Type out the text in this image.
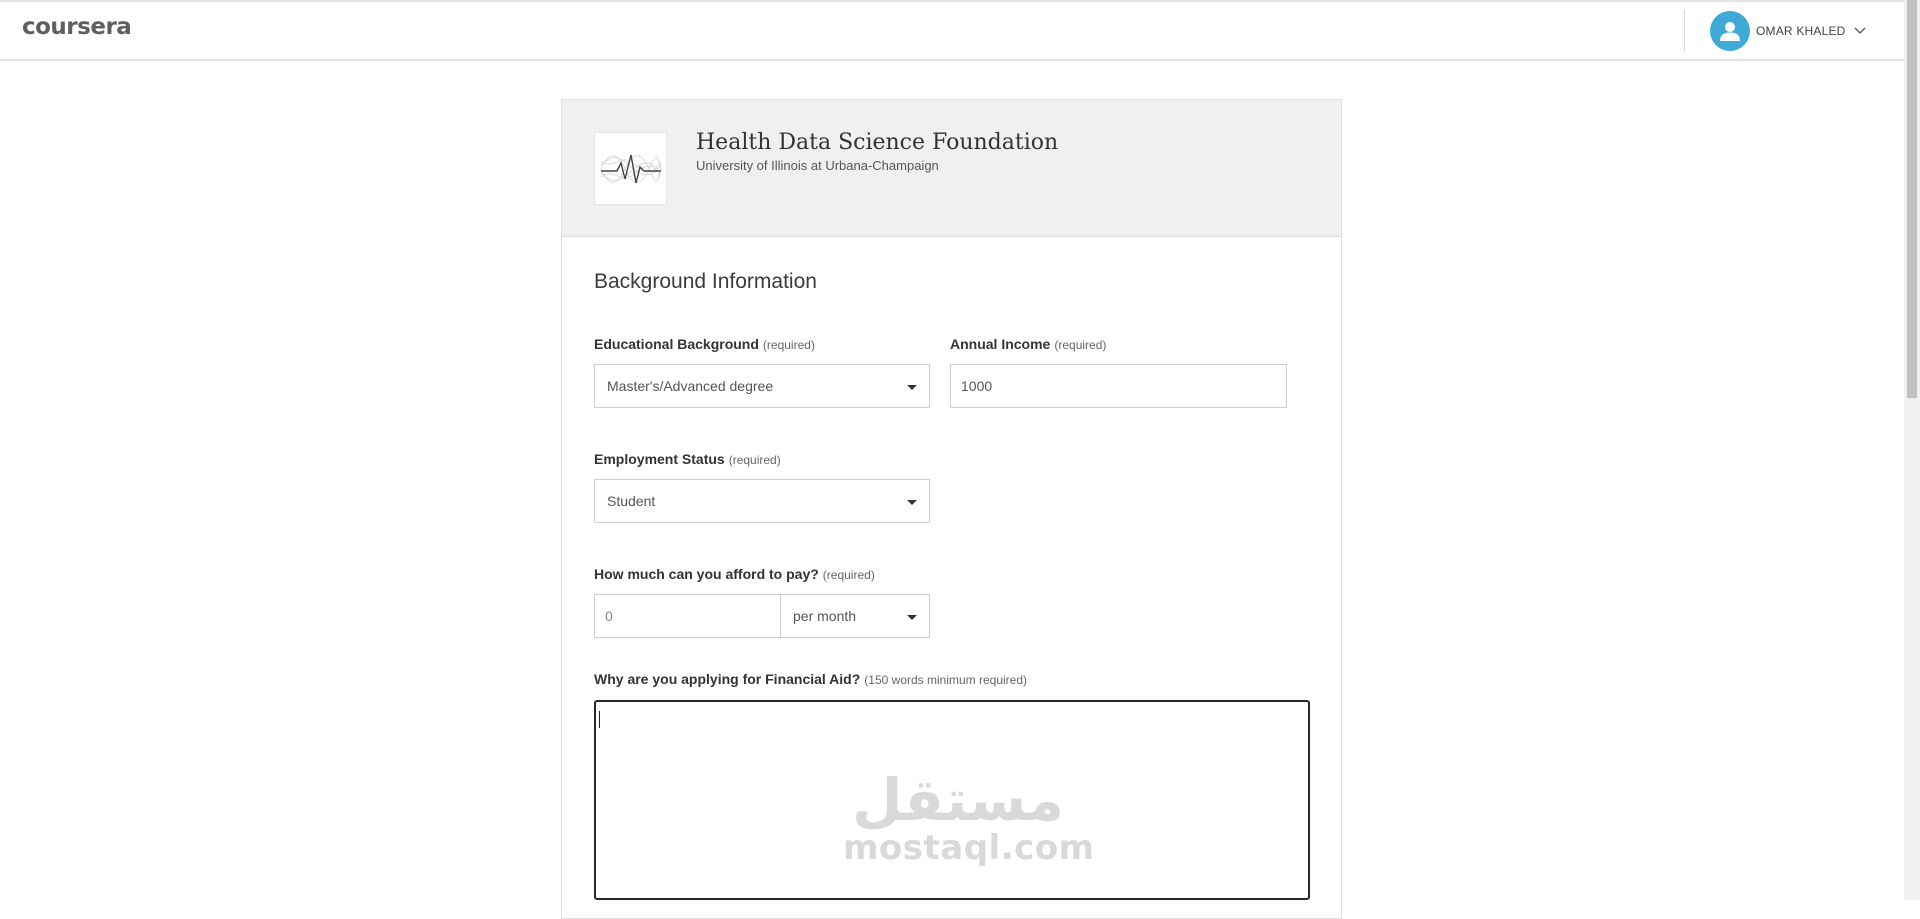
coursera	OMAR KHALED
Health Data Science Foundation
University of Illinois at Urbana-Champaign
Background Information
Educational Background (required)
Master's/Advanced degree
Annual Income (required)
1000
Employment Status (required)
Student
How much can you afford to pay? (required)
0	per month
Why are you applying for Financial Aid? (150 words minimum required)
مستقل
mostaql.com
